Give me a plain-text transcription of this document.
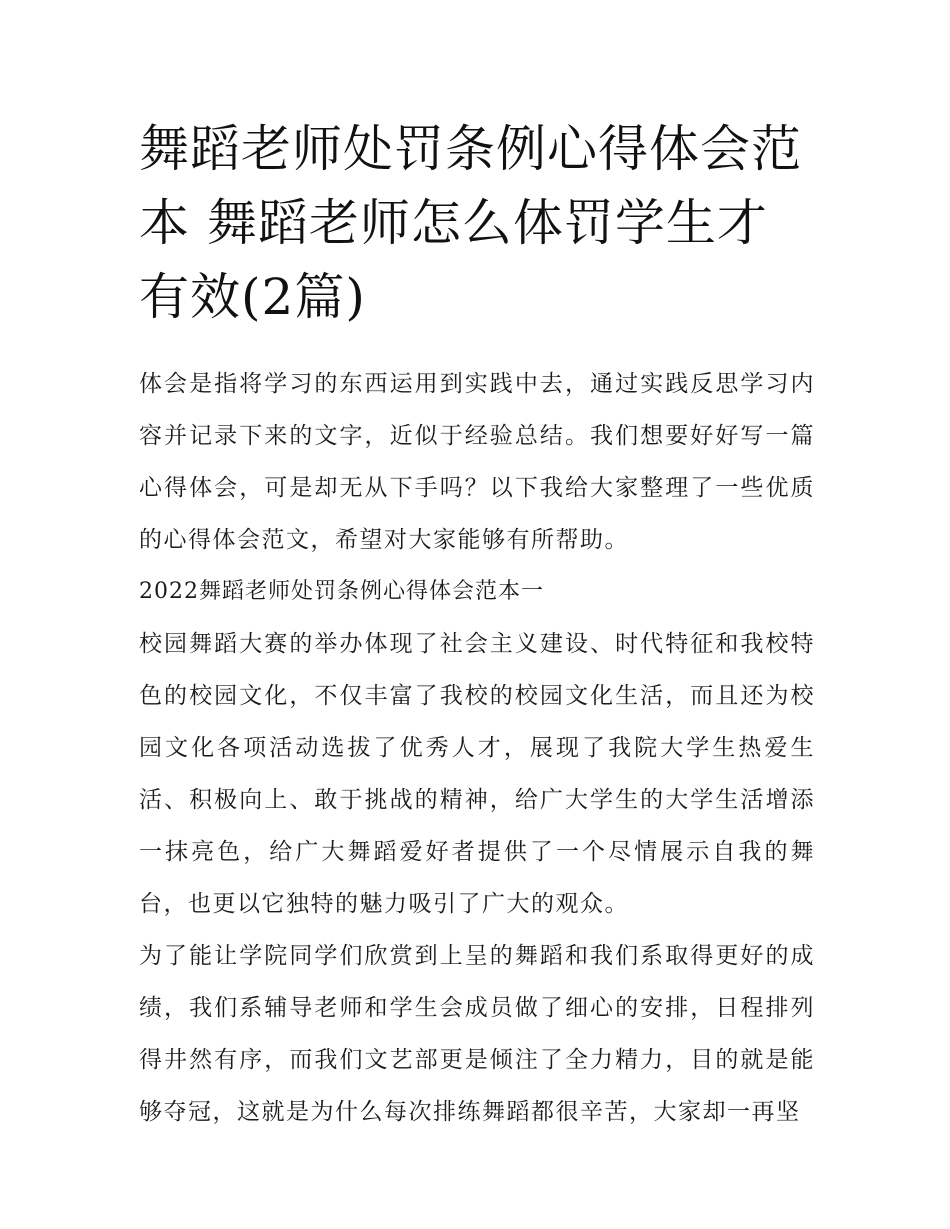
舞蹈老师处罚条例心得体会范本 舞蹈老师怎么体罚学生才有效(2篇)

体会是指将学习的东西运用到实践中去，通过实践反思学习内容并记录下来的文字，近似于经验总结。我们想要好好写一篇心得体会，可是却无从下手吗？以下我给大家整理了一些优质的心得体会范文，希望对大家能够有所帮助。

2022舞蹈老师处罚条例心得体会范本一

校园舞蹈大赛的举办体现了社会主义建设、时代特征和我校特色的校园文化，不仅丰富了我校的校园文化生活，而且还为校园文化各项活动选拔了优秀人才，展现了我院大学生热爱生活、积极向上、敢于挑战的精神，给广大学生的大学生活增添一抹亮色，给广大舞蹈爱好者提供了一个尽情展示自我的舞台，也更以它独特的魅力吸引了广大的观众。

为了能让学院同学们欣赏到上呈的舞蹈和我们系取得更好的成绩，我们系辅导老师和学生会成员做了细心的安排，日程排列得井然有序，而我们文艺部更是倾注了全力精力，目的就是能够夺冠，这就是为什么每次排练舞蹈都很辛苦，大家却一再坚
